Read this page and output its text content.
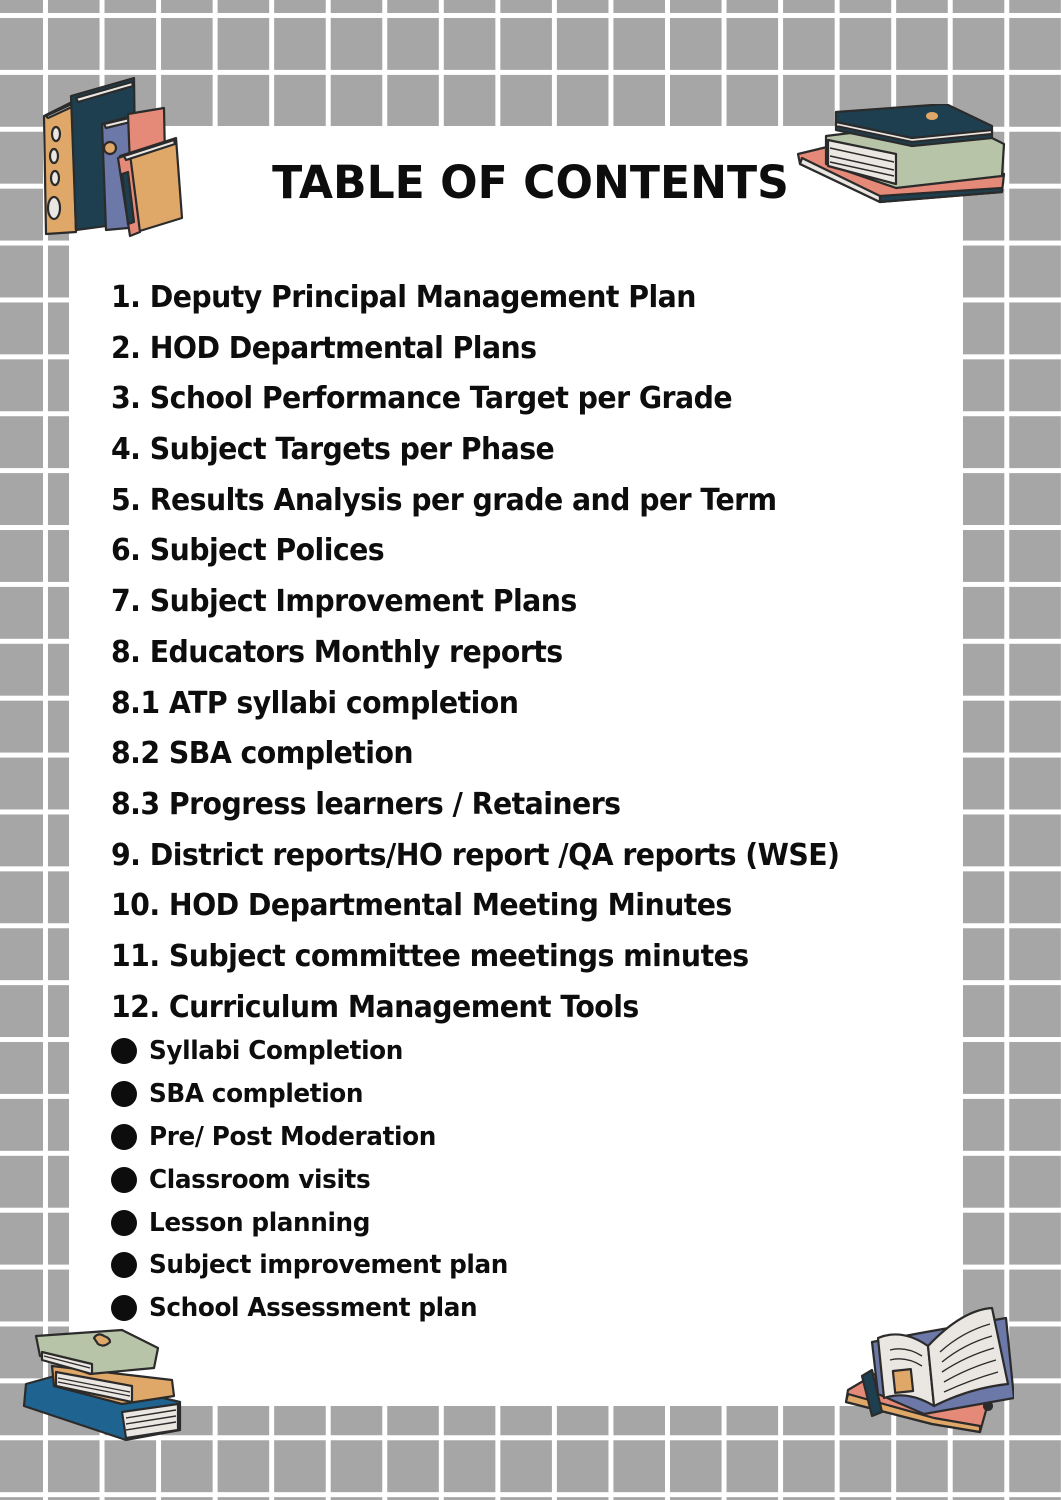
TABLE OF CONTENTS
1. Deputy Principal Management Plan
2. HOD Departmental Plans
3. School Performance Target per Grade
4. Subject Targets per Phase
5. Results Analysis per grade and per Term
6. Subject Polices
7. Subject Improvement Plans
8. Educators Monthly reports
8.1 ATP syllabi completion
8.2 SBA completion
8.3 Progress learners / Retainers
9. District reports/HO report /QA reports (WSE)
10. HOD Departmental Meeting Minutes
11. Subject committee meetings minutes
12. Curriculum Management Tools
Syllabi Completion
SBA completion
Pre/ Post Moderation
Classroom visits
Lesson planning
Subject improvement plan
School Assessment plan
